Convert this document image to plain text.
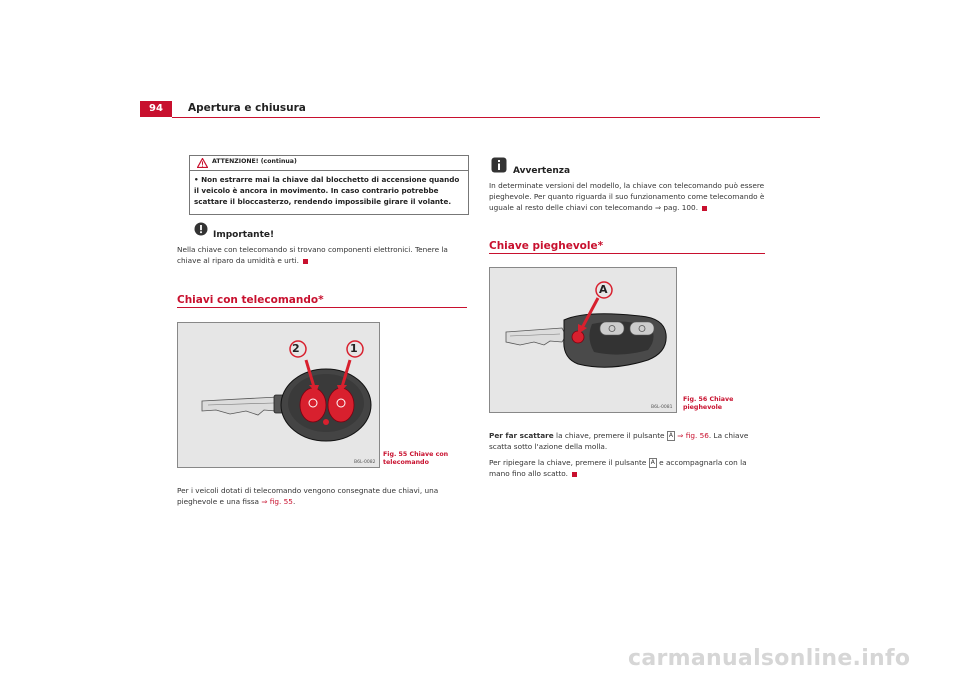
94	Apertura e chiusura
ATTENZIONE! (continua)
• Non estrarre mai la chiave dal blocchetto di accensione quando il veicolo è ancora in movimento. In caso contrario potrebbe scattare il bloccasterzo, rendendo impossibile girare il volante.
Importante!
Nella chiave con telecomando si trovano componenti elettronici. Tenere la chiave al riparo da umidità e urti.
Chiavi con telecomando*
2	1
B6L-0082
Fig. 55 Chiave con telecomando
Per i veicoli dotati di telecomando vengono consegnate due chiavi, una pieghevole e una fissa ⇒ fig. 55.
Avvertenza
In determinate versioni del modello, la chiave con telecomando può essere pieghevole. Per quanto riguarda il suo funzionamento come telecomando è uguale al resto delle chiavi con telecomando ⇒ pag. 100.
Chiave pieghevole*
A
B6L-0081
Fig. 56 Chiave pieghevole
Per far scattare la chiave, premere il pulsante A ⇒ fig. 56. La chiave scatta sotto l'azione della molla.
Per ripiegare la chiave, premere il pulsante A e accompagnarla con la mano fino allo scatto.
carmanualsonline.info
